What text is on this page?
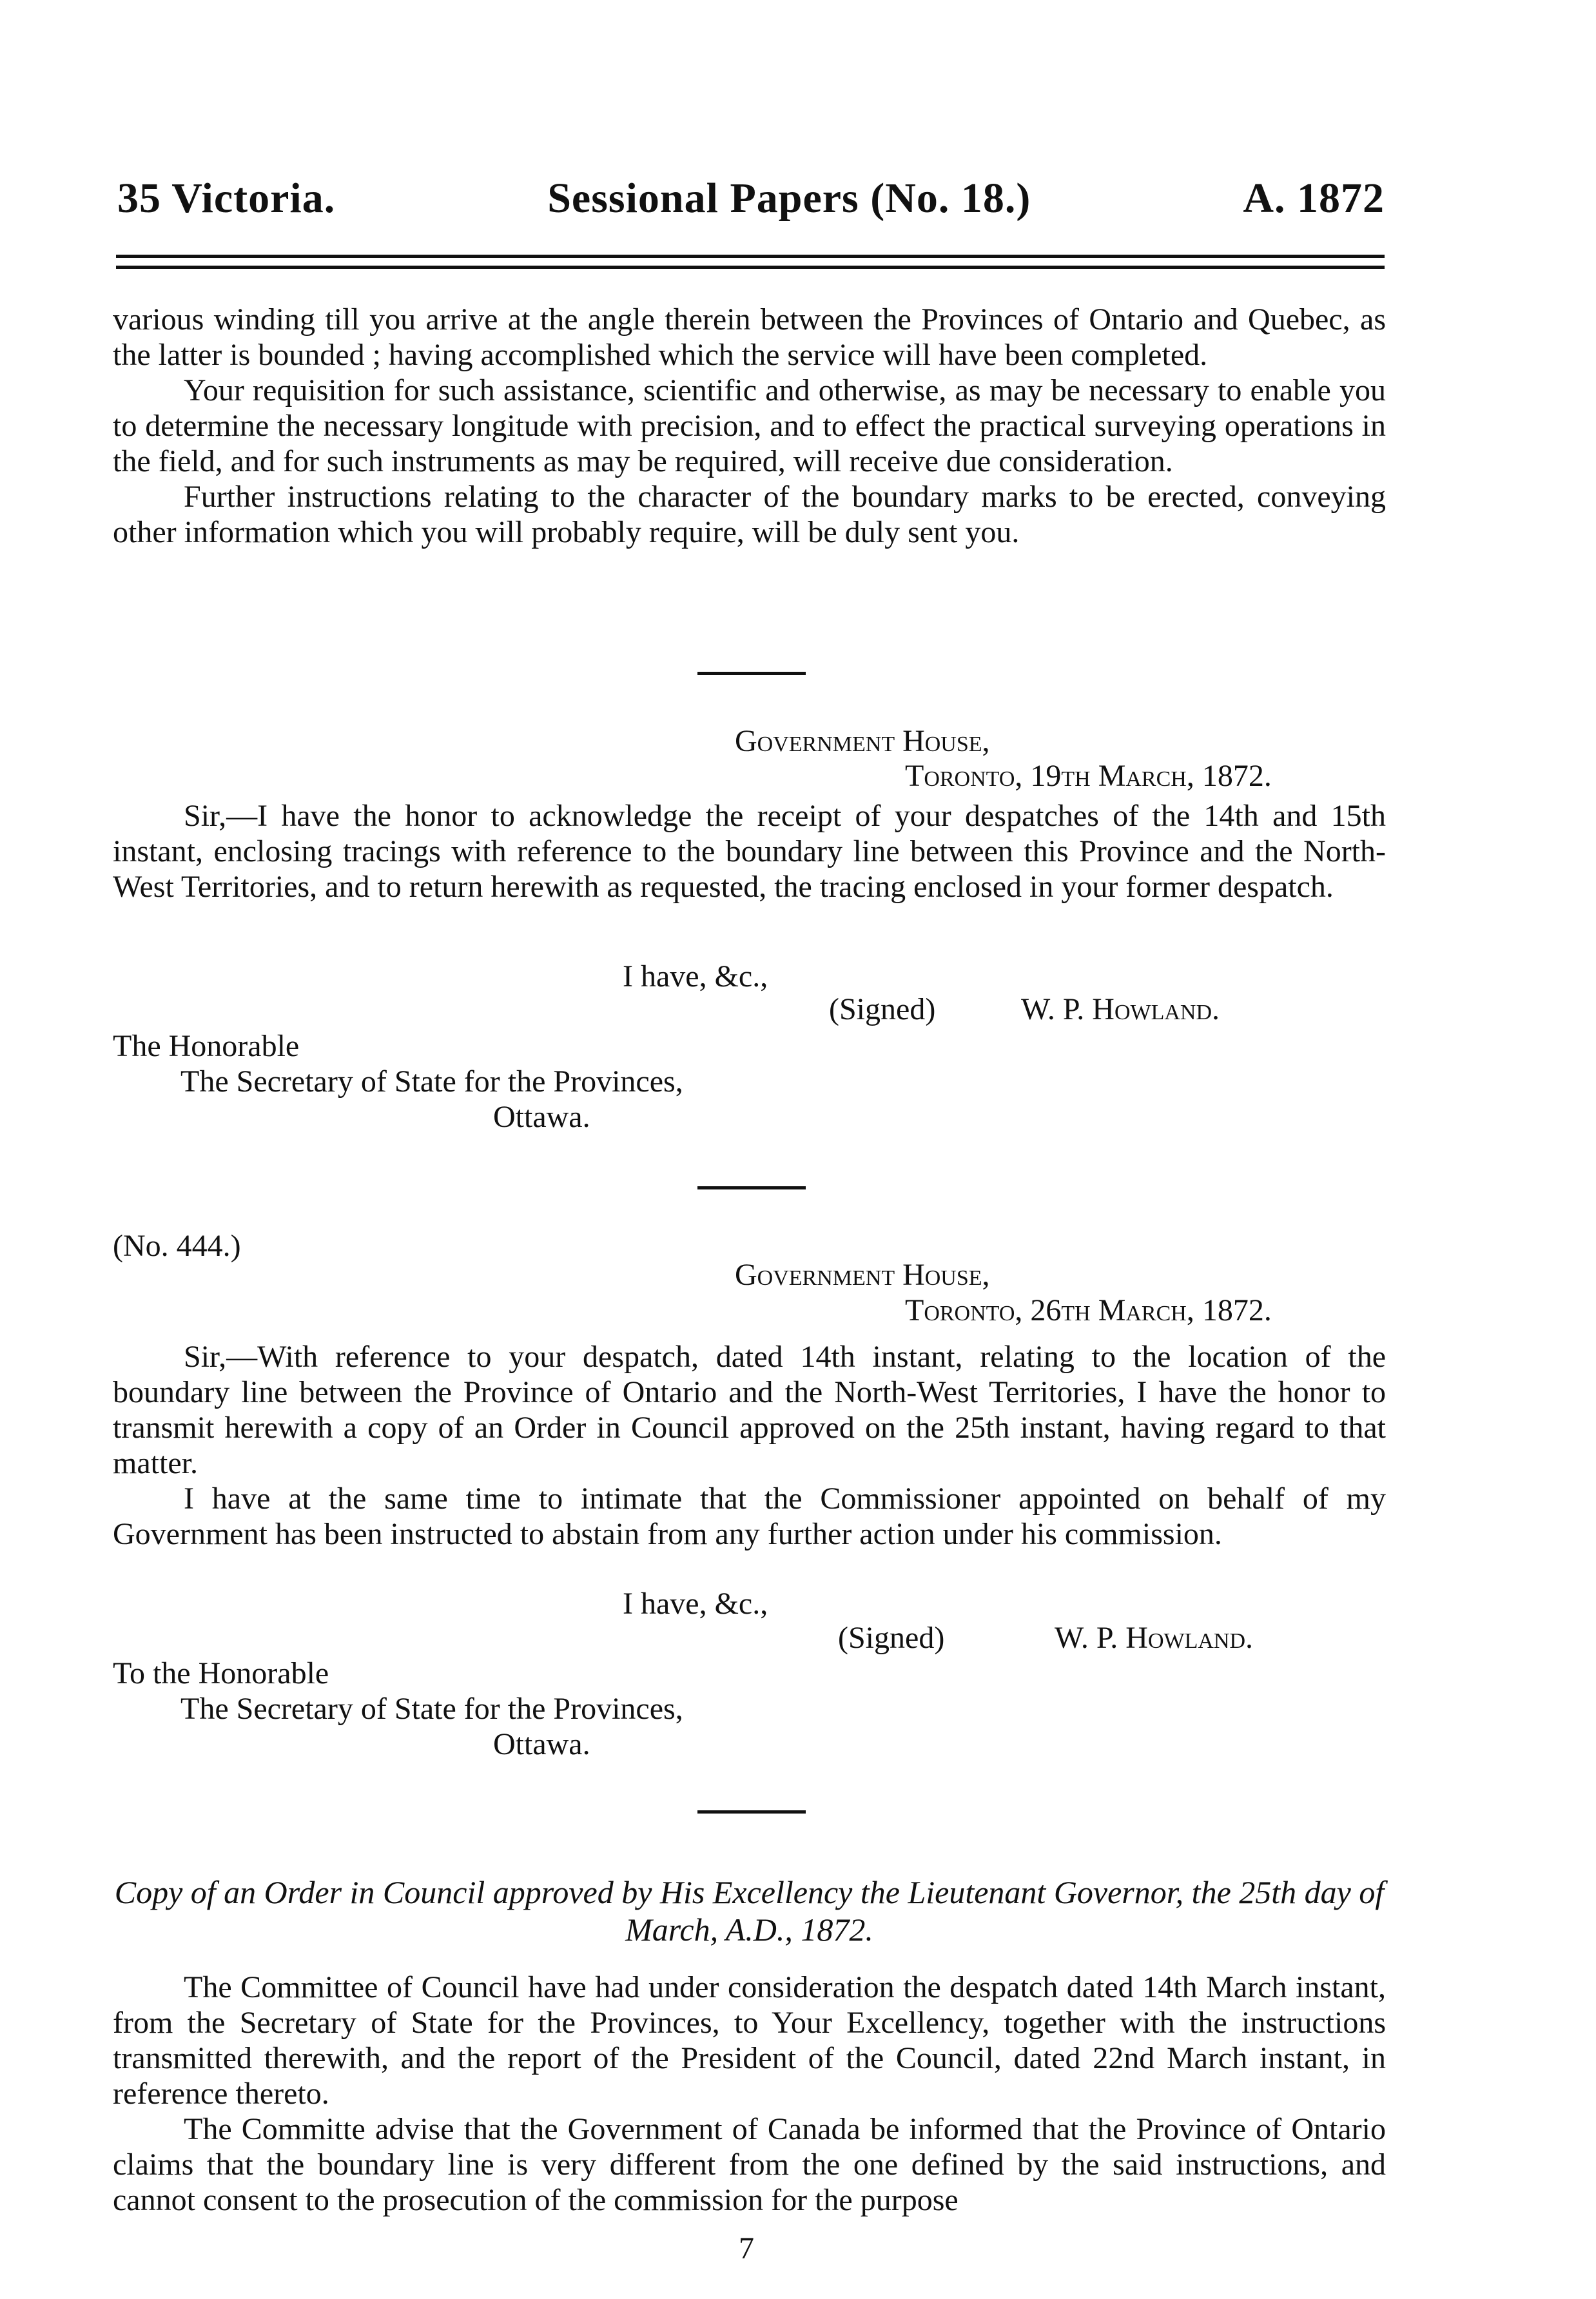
35 Victoria.	Sessional Papers (No. 18.)	A. 1872

various winding till you arrive at the angle therein between the Provinces of Ontario and Quebec, as the latter is bounded ; having accomplished which the service will have been completed.

Your requisition for such assistance, scientific and otherwise, as may be necessary to enable you to determine the necessary longitude with precision, and to effect the practical surveying operations in the field, and for such instruments as may be required, will receive due consideration.

Further instructions relating to the character of the boundary marks to be erected, conveying other information which you will probably require, will be duly sent you.

Government House,
Toronto, 19th March, 1872.

Sir,—I have the honor to acknowledge the receipt of your despatches of the 14th and 15th instant, enclosing tracings with reference to the boundary line between this Province and the North-West Territories, and to return herewith as requested, the tracing enclosed in your former despatch.

I have, &c.,
(Signed)	W. P. Howland.
The Honorable
The Secretary of State for the Provinces,
Ottawa.
(No. 444.)
Government House,
Toronto, 26th March, 1872.

Sir,—With reference to your despatch, dated 14th instant, relating to the location of the boundary line between the Province of Ontario and the North-West Territories, I have the honor to transmit herewith a copy of an Order in Council approved on the 25th instant, having regard to that matter.

I have at the same time to intimate that the Commissioner appointed on behalf of my Government has been instructed to abstain from any further action under his commission.

I have, &c.,
(Signed)	W. P. Howland.
To the Honorable
The Secretary of State for the Provinces,
Ottawa.
Copy of an Order in Council approved by His Excellency the Lieutenant Governor, the 25th day of March, A.D., 1872.

The Committee of Council have had under consideration the despatch dated 14th March instant, from the Secretary of State for the Provinces, to Your Excellency, together with the instructions transmitted therewith, and the report of the President of the Council, dated 22nd March instant, in reference thereto.

The Committe advise that the Government of Canada be informed that the Province of Ontario claims that the boundary line is very different from the one defined by the said instructions, and cannot consent to the prosecution of the commission for the purpose

7
